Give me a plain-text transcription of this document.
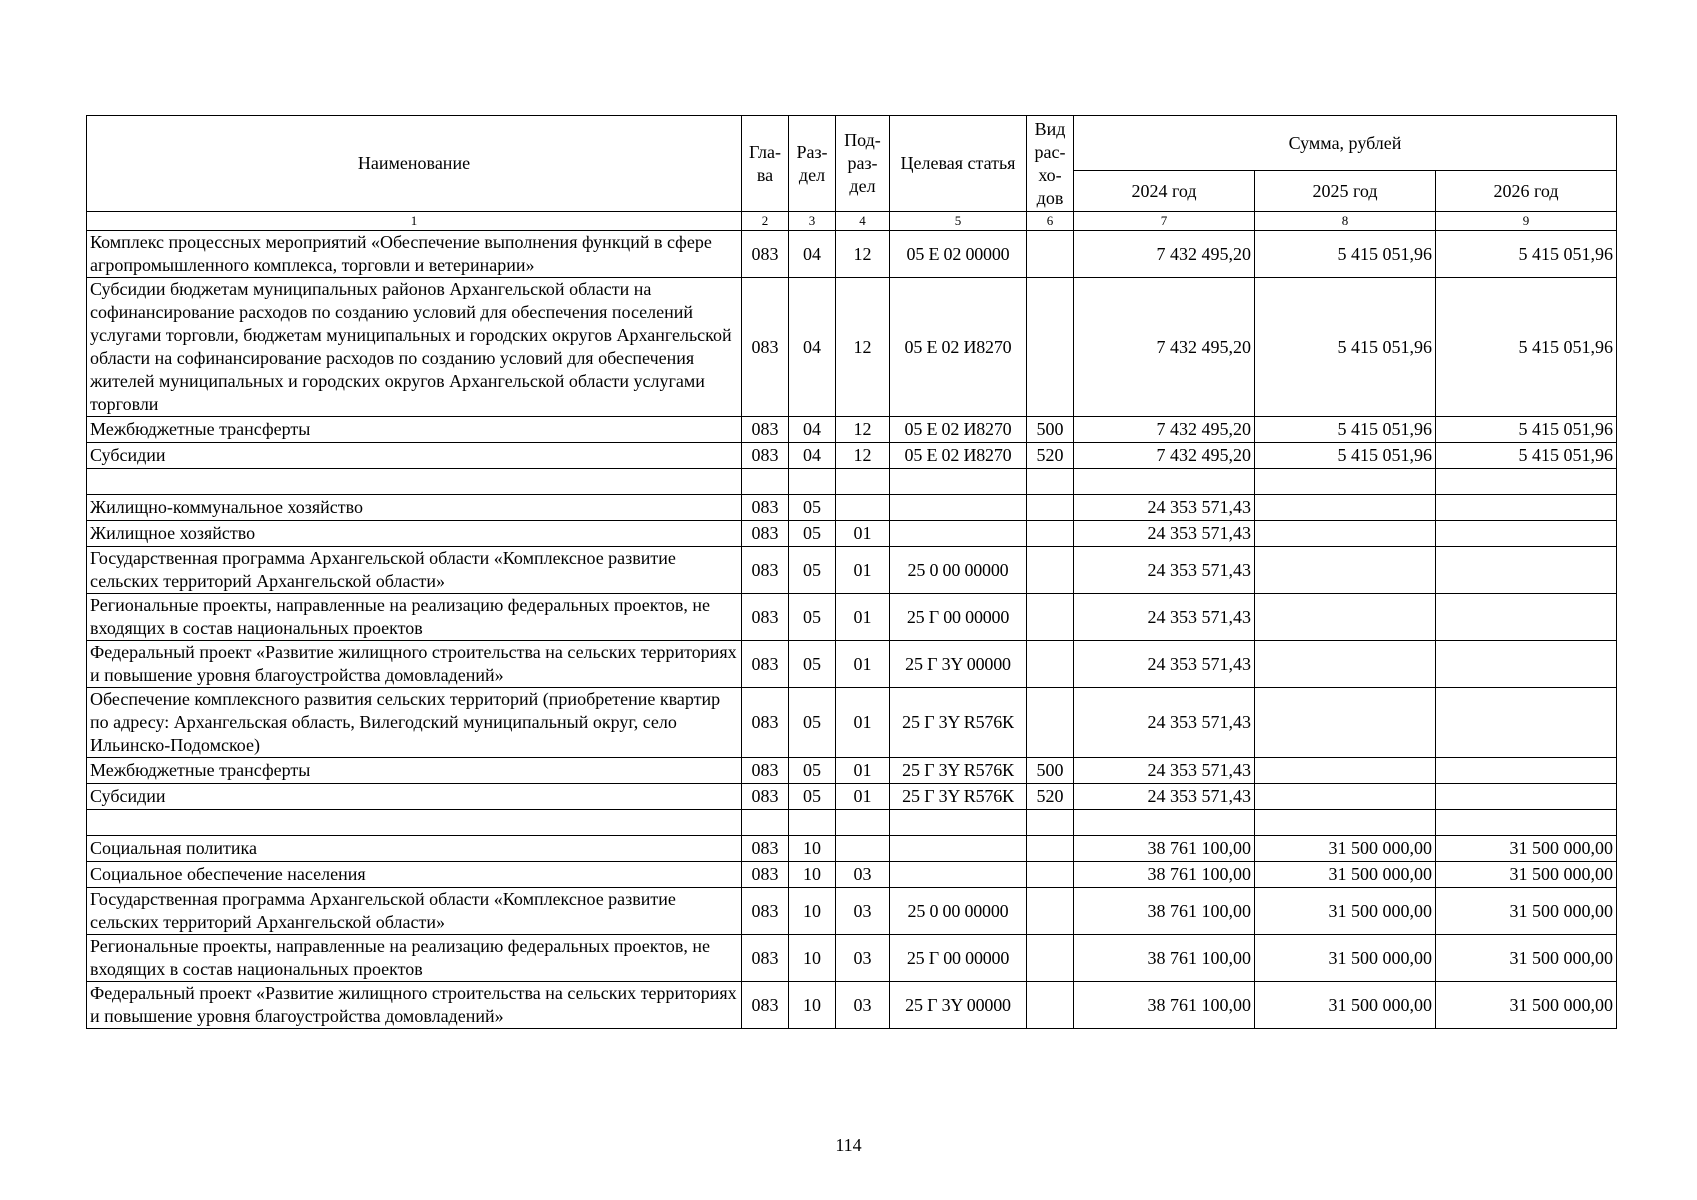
Наименование	Гла-ва	Раз-дел	Под-раз-дел	Целевая статья	Вид рас-хо-дов	Сумма, рублей		
						2024 год	2025 год	2026 год
1	2	3	4	5	6	7	8	9
Комплекс процессных мероприятий «Обеспечение выполнения функций в сфере агропромышленного комплекса, торговли и ветеринарии»	083	04	12	05 Е 02 00000		7 432 495,20	5 415 051,96	5 415 051,96
Субсидии бюджетам муниципальных районов Архангельской области на софинансирование расходов по созданию условий для обеспечения поселений услугами торговли, бюджетам муниципальных и городских округов Архангельской области на софинансирование расходов по созданию условий для обеспечения жителей муниципальных и городских округов Архангельской области услугами торговли	083	04	12	05 Е 02 И8270		7 432 495,20	5 415 051,96	5 415 051,96
Межбюджетные трансферты	083	04	12	05 Е 02 И8270	500	7 432 495,20	5 415 051,96	5 415 051,96
Субсидии	083	04	12	05 Е 02 И8270	520	7 432 495,20	5 415 051,96	5 415 051,96

Жилищно-коммунальное хозяйство	083	05				24 353 571,43		
Жилищное хозяйство	083	05	01			24 353 571,43		
Государственная программа Архангельской области «Комплексное развитие сельских территорий Архангельской области»	083	05	01	25 0 00 00000		24 353 571,43		
Региональные проекты, направленные на реализацию федеральных проектов, не входящих в состав национальных проектов	083	05	01	25 Г 00 00000		24 353 571,43		
Федеральный проект «Развитие жилищного строительства на сельских территориях и повышение уровня благоустройства домовладений»	083	05	01	25 Г 3Y 00000		24 353 571,43		
Обеспечение комплексного развития сельских территорий (приобретение квартир по адресу: Архангельская область, Вилегодский муниципальный округ, село Ильинско-Подомское)	083	05	01	25 Г 3Y R576К		24 353 571,43		
Межбюджетные трансферты	083	05	01	25 Г 3Y R576К	500	24 353 571,43		
Субсидии	083	05	01	25 Г 3Y R576К	520	24 353 571,43		

Социальная политика	083	10				38 761 100,00	31 500 000,00	31 500 000,00
Социальное обеспечение населения	083	10	03			38 761 100,00	31 500 000,00	31 500 000,00
Государственная программа Архангельской области «Комплексное развитие сельских территорий Архангельской области»	083	10	03	25 0 00 00000		38 761 100,00	31 500 000,00	31 500 000,00
Региональные проекты, направленные на реализацию федеральных проектов, не входящих в состав национальных проектов	083	10	03	25 Г 00 00000		38 761 100,00	31 500 000,00	31 500 000,00
Федеральный проект «Развитие жилищного строительства на сельских территориях и повышение уровня благоустройства домовладений»	083	10	03	25 Г 3Y 00000		38 761 100,00	31 500 000,00	31 500 000,00
114
